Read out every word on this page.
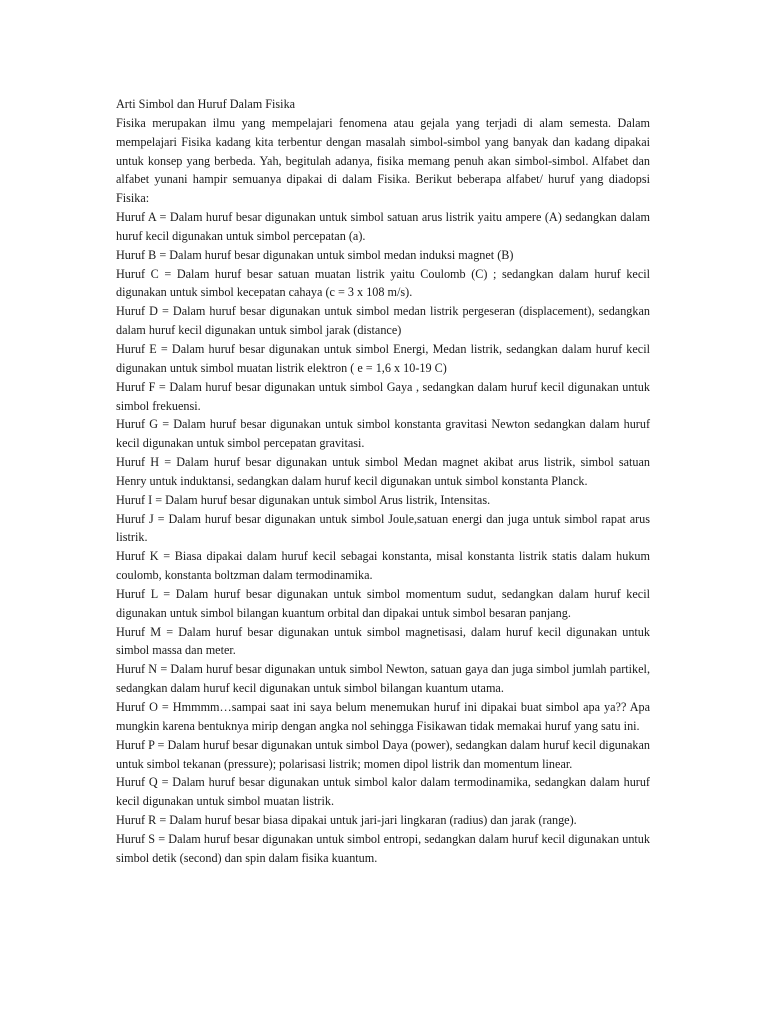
Arti Simbol dan Huruf Dalam Fisika

Fisika merupakan ilmu yang mempelajari fenomena atau gejala yang terjadi di alam semesta. Dalam mempelajari Fisika kadang kita terbentur dengan masalah simbol-simbol yang banyak dan kadang dipakai untuk konsep yang berbeda. Yah, begitulah adanya, fisika memang penuh akan simbol-simbol. Alfabet dan alfabet yunani hampir semuanya dipakai di dalam Fisika. Berikut beberapa alfabet/ huruf yang diadopsi Fisika:

Huruf A = Dalam huruf besar digunakan untuk simbol satuan arus listrik yaitu ampere (A) sedangkan dalam huruf kecil digunakan untuk simbol percepatan (a).

Huruf B = Dalam huruf besar digunakan untuk simbol medan induksi magnet (B)

Huruf C = Dalam huruf besar satuan muatan listrik yaitu Coulomb (C) ; sedangkan dalam huruf kecil digunakan untuk simbol kecepatan cahaya (c = 3 x 108 m/s).

Huruf D = Dalam huruf besar digunakan untuk simbol medan listrik pergeseran (displacement), sedangkan dalam huruf kecil digunakan untuk simbol jarak (distance)

Huruf E = Dalam huruf besar digunakan untuk simbol Energi, Medan listrik, sedangkan dalam huruf kecil digunakan untuk simbol muatan listrik elektron ( e = 1,6 x 10-19 C)

Huruf F = Dalam huruf besar digunakan untuk simbol Gaya , sedangkan dalam huruf kecil digunakan untuk simbol frekuensi.

Huruf G = Dalam huruf besar digunakan untuk simbol konstanta gravitasi Newton sedangkan dalam huruf kecil digunakan untuk simbol percepatan gravitasi.

Huruf H = Dalam huruf besar digunakan untuk simbol Medan magnet akibat arus listrik, simbol satuan Henry untuk induktansi, sedangkan dalam huruf kecil digunakan untuk simbol konstanta Planck.

Huruf I = Dalam huruf besar digunakan untuk simbol Arus listrik, Intensitas.

Huruf J = Dalam huruf besar digunakan untuk simbol Joule,satuan energi dan juga untuk simbol rapat arus listrik.

Huruf K = Biasa dipakai dalam huruf kecil sebagai konstanta, misal konstanta listrik statis dalam hukum coulomb, konstanta boltzman dalam termodinamika.

Huruf L = Dalam huruf besar digunakan untuk simbol momentum sudut, sedangkan dalam huruf kecil digunakan untuk simbol bilangan kuantum orbital dan dipakai untuk simbol besaran panjang.

Huruf M = Dalam huruf besar digunakan untuk simbol magnetisasi, dalam huruf kecil digunakan untuk simbol massa dan meter.

Huruf N = Dalam huruf besar digunakan untuk simbol Newton, satuan gaya dan juga simbol jumlah partikel, sedangkan dalam huruf kecil digunakan untuk simbol bilangan kuantum utama.

Huruf O = Hmmmm…sampai saat ini saya belum menemukan huruf ini dipakai buat simbol apa ya?? Apa mungkin karena bentuknya mirip dengan angka nol sehingga Fisikawan tidak memakai huruf yang satu ini.

Huruf P = Dalam huruf besar digunakan untuk simbol Daya (power), sedangkan dalam huruf kecil digunakan untuk simbol tekanan (pressure); polarisasi listrik; momen dipol listrik dan momentum linear.

Huruf Q = Dalam huruf besar digunakan untuk simbol kalor dalam termodinamika, sedangkan dalam huruf kecil digunakan untuk simbol muatan listrik.

Huruf R = Dalam huruf besar biasa dipakai untuk jari-jari lingkaran (radius) dan jarak (range).

Huruf S = Dalam huruf besar digunakan untuk simbol entropi, sedangkan dalam huruf kecil digunakan untuk simbol detik (second) dan spin dalam fisika kuantum.
